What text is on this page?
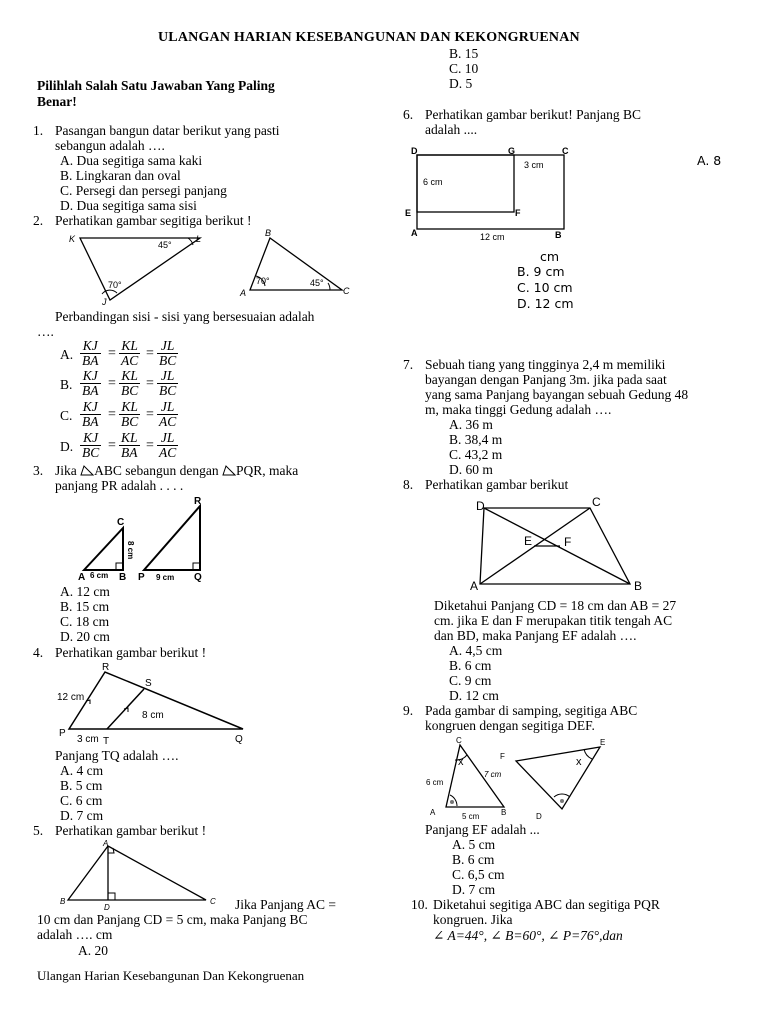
ULANGAN HARIAN KESEBANGUNAN DAN KEKONGRUENAN
Pilihlah Salah Satu Jawaban Yang Paling
Benar!
1. Pasangan bangun datar berikut yang pasti
sebangun adalah ….
A. Dua segitiga sama kaki
B. Lingkaran dan oval
C. Persegi dan persegi panjang
D. Dua segitiga sama sisi
2. Perhatikan gambar segitiga berikut !
K	L
J
45°
70°
B
A	C
70°	45°
Perbandingan sisi - sisi yang bersesuaian adalah
….
A. $\frac{KJ}{BA} = \frac{KL}{AC} = \frac{JL}{BC}$
B. $\frac{KJ}{BA} = \frac{KL}{BC} = \frac{JL}{BC}$
C. $\frac{KJ}{BA} = \frac{KL}{BC} = \frac{JL}{AC}$
D. $\frac{KJ}{BC} = \frac{KL}{BA} = \frac{JL}{AC}$
3. Jika ABC sebangun dengan PQR, maka
panjang PR adalah . . . .
C
A	B
6 cm
8 cm
R
P	Q
9 cm
A. 12 cm
B. 15 cm
C. 18 cm
D. 20 cm
4. Perhatikan gambar berikut !
R
S
P
T	Q
12 cm
8 cm
3 cm
Panjang TQ adalah ….
A. 4 cm
B. 5 cm
C. 6 cm
D. 7 cm
5. Perhatikan gambar berikut !
A
B
D
C Jika Panjang AC =
10 cm dan Panjang CD = 5 cm, maka Panjang BC
adalah …. cm
A. 20
B. 15
C. 10
D. 5
Ulangan Harian Kesebangunan Dan Kekongruenan
6. Perhatikan gambar berikut! Panjang BC
adalah ....
D	G	C
E	F
A	B
3 cm
6 cm
12 cm
A. 8
cm
B. 9 cm
C. 10 cm
D. 12 cm
7. Sebuah tiang yang tingginya 2,4 m memiliki
bayangan dengan Panjang 3m. jika pada saat
yang sama Panjang bayangan sebuah Gedung 48
m, maka tinggi Gedung adalah ….
A. 36 m
B. 38,4 m
C. 43,2 m
D. 60 m
8. Perhatikan gambar berikut
D	C
E	F
A	B
Diketahui Panjang CD = 18 cm dan AB = 27
cm. jika E dan F merupakan titik tengah AC
dan BD, maka Panjang EF adalah ….
A. 4,5 cm
B. 6 cm
C. 9 cm
D. 12 cm
9. Pada gambar di samping, segitiga ABC
kongruen dengan segitiga DEF.
C
A	B
6 cm
5 cm
x	F
E
D
7 cm
x
Panjang EF adalah ...
A. 5 cm
B. 6 cm
C. 6,5 cm
D. 7 cm
10. Diketahui segitiga ABC dan segitiga PQR
kongruen. Jika
∠ A=44°, ∠ B=60°, ∠ P=76°,dan
